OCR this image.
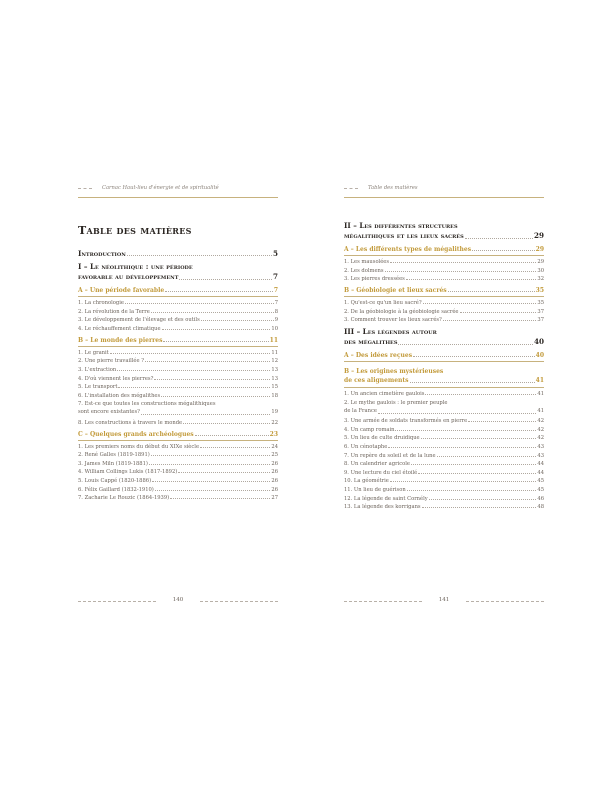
Carnac Haut-lieu d'énergie et de spiritualité
Table des matières
Introduction	5
I – Le néolithique : une période
favorable au développement	7
A – Une période favorable	7
1. La chronologie	7
2. La révolution de la Terre	8
3. Le développement de l'élevage et des outils	9
4. Le réchauffement climatique	10
B – Le monde des pierres	11
1. Le granit	11
2. Une pierre travaillée ?	12
3. L'extraction	13
4. D'où viennent les pierres?	13
5. Le transport	15
6. L'installation des mégalithes	18
7. Est-ce que toutes les constructions mégalithiques
sont encore existantes?	19
8. Les constructions à travers le monde	22
C – Quelques grands archéologues	23
1. Les premiers noms du début du XIXe siècle	24
2. René Galles (1819-1891)	25
3. James Miln (1819-1881)	26
4. William Collings Lukis (1817-1892)	26
5. Louis Cappé (1820-1886)	26
6. Félix Gaillard (1832-1910)	26
7. Zacharie Le Rouzic (1864-1939)	27
Table des matières
II – Les différentes structures
mégalithiques et les lieux sacrés	29
A – Les différents types de mégalithes	29
1. Les mausolées	29
2. Les dolmens	30
3. Les pierres dressées	32
B – Géobiologie et lieux sacrés	35
1. Qu'est-ce qu'un lieu sacré?	35
2. De la géobiologie à la géobiologie sacrée	37
3. Comment trouver les lieux sacrés?	37
III – Les légendes autour
des mégalithes	40
A – Des idées reçues	40
B – Les origines mystérieuses
de ces alignements	41
1. Un ancien cimetière gaulois	41
2. Le mythe gaulois : le premier peuple
de la France	41
3. Une armée de soldats transformés en pierre	42
4. Un camp romain	42
5. Un lieu de culte druidique	42
6. Un cénotaphe	43
7. Un repère du soleil et de la lune	43
8. Un calendrier agricole	44
9. Une lecture du ciel étoilé	44
10. La géométrie	45
11. Un lieu de guérison	45
12. La légende de saint Cornély	46
13. La légende des korrigans	48
140	141
